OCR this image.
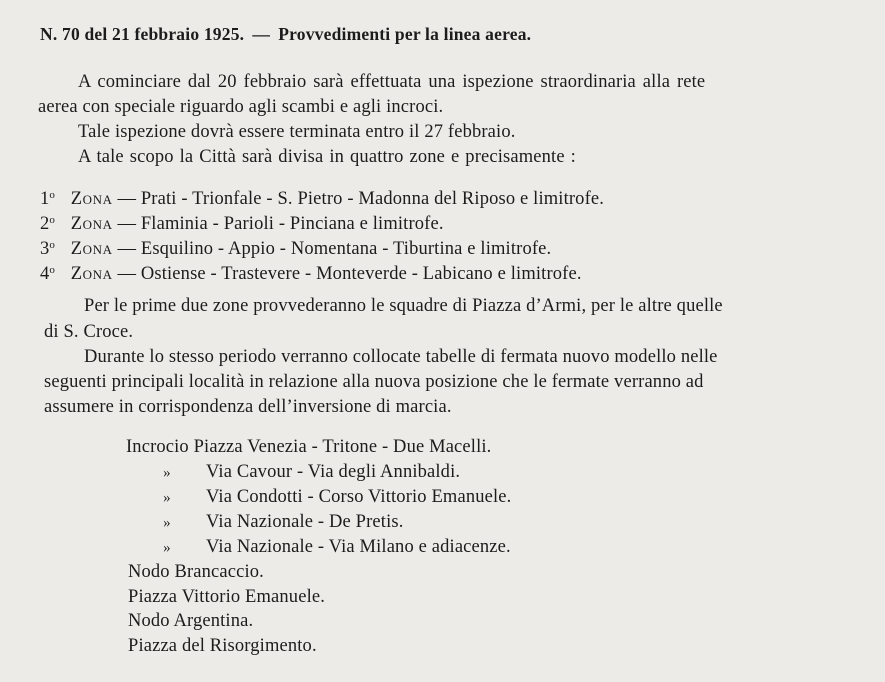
N. 70 del 21 febbraio 1925. — Provvedimenti per la linea aerea.
A cominciare dal 20 febbraio sarà effettuata una ispezione straordinaria alla rete
aerea con speciale riguardo agli scambi e agli incroci.
Tale ispezione dovrà essere terminata entro il 27 febbraio.
A tale scopo la Città sarà divisa in quattro zone e precisamente :
1$^o$ Zona — Prati - Trionfale - S. Pietro - Madonna del Riposo e limitrofe.
2$^o$ Zona — Flaminia - Parioli - Pinciana e limitrofe.
3$^o$ Zona — Esquilino - Appio - Nomentana - Tiburtina e limitrofe.
4$^o$ Zona — Ostiense - Trastevere - Monteverde - Labicano e limitrofe.
Per le prime due zone provvederanno le squadre di Piazza d’Armi, per le altre quelle
di S. Croce.
Durante lo stesso periodo verranno collocate tabelle di fermata nuovo modello nelle
seguenti principali località in relazione alla nuova posizione che le fermate verranno ad
assumere in corrispondenza dell’inversione di marcia.
Incrocio Piazza Venezia - Tritone - Due Macelli.
» Via Cavour - Via degli Annibaldi.
» Via Condotti - Corso Vittorio Emanuele.
» Via Nazionale - De Pretis.
» Via Nazionale - Via Milano e adiacenze.
Nodo Brancaccio.
Piazza Vittorio Emanuele.
Nodo Argentina.
Piazza del Risorgimento.
